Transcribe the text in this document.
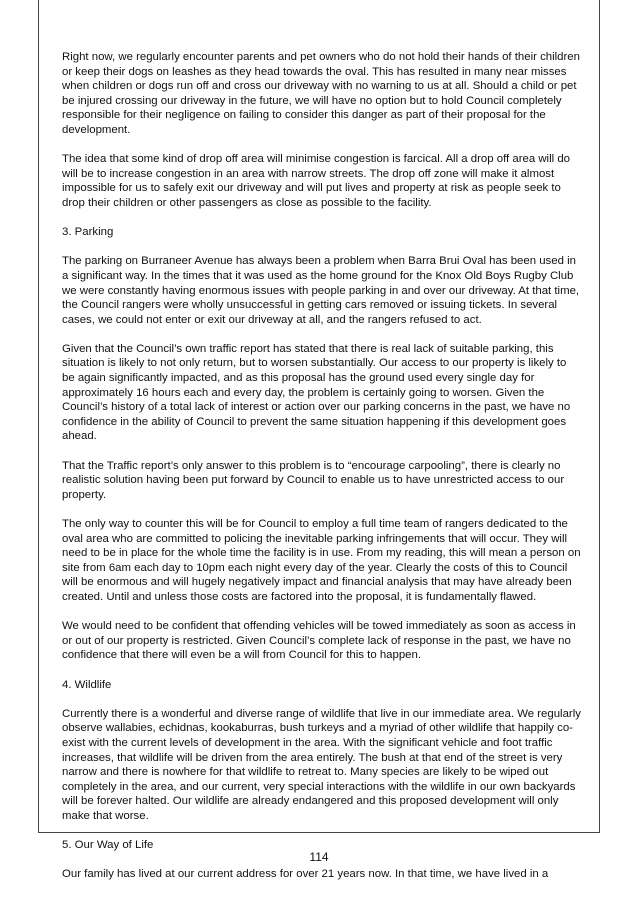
Right now, we regularly encounter parents and pet owners who do not hold their hands of their children or keep their dogs on leashes as they head towards the oval. This has resulted in many near misses when children or dogs run off and cross our driveway with no warning to us at all. Should a child or pet be injured crossing our driveway in the future, we will have no option but to hold Council completely responsible for their negligence on failing to consider this danger as part of their proposal for the development.

The idea that some kind of drop off area will minimise congestion is farcical. All a drop off area will do will be to increase congestion in an area with narrow streets. The drop off zone will make it almost impossible for us to safely exit our driveway and will put lives and property at risk as people seek to drop their children or other passengers as close as possible to the facility.

3. Parking

The parking on Burraneer Avenue has always been a problem when Barra Brui Oval has been used in a significant way. In the times that it was used as the home ground for the Knox Old Boys Rugby Club we were constantly having enormous issues with people parking in and over our driveway. At that time, the Council rangers were wholly unsuccessful in getting cars removed or issuing tickets. In several cases, we could not enter or exit our driveway at all, and the rangers refused to act.

Given that the Council’s own traffic report has stated that there is real lack of suitable parking, this situation is likely to not only return, but to worsen substantially. Our access to our property is likely to be again significantly impacted, and as this proposal has the ground used every single day for approximately 16 hours each and every day, the problem is certainly going to worsen. Given the Council’s history of a total lack of interest or action over our parking concerns in the past, we have no confidence in the ability of Council to prevent the same situation happening if this development goes ahead.

That the Traffic report’s only answer to this problem is to “encourage carpooling”, there is clearly no realistic solution having been put forward by Council to enable us to have unrestricted access to our property.

The only way to counter this will be for Council to employ a full time team of rangers dedicated to the oval area who are committed to policing the inevitable parking infringements that will occur. They will need to be in place for the whole time the facility is in use. From my reading, this will mean a person on site from 6am each day to 10pm each night every day of the year. Clearly the costs of this to Council will be enormous and will hugely negatively impact and financial analysis that may have already been created. Until and unless those costs are factored into the proposal, it is fundamentally flawed.

We would need to be confident that offending vehicles will be towed immediately as soon as access in or out of our property is restricted. Given Council’s complete lack of response in the past, we have no confidence that there will even be a will from Council for this to happen.

4. Wildlife

Currently there is a wonderful and diverse range of wildlife that live in our immediate area. We regularly observe wallabies, echidnas, kookaburras, bush turkeys and a myriad of other wildlife that happily co-exist with the current levels of development in the area. With the significant vehicle and foot traffic increases, that wildlife will be driven from the area entirely. The bush at that end of the street is very narrow and there is nowhere for that wildlife to retreat to. Many species are likely to be wiped out completely in the area, and our current, very special interactions with the wildlife in our own backyards will be forever halted. Our wildlife are already endangered and this proposed development will only make that worse.

5. Our Way of Life

Our family has lived at our current address for over 21 years now. In that time, we have lived in a

114
